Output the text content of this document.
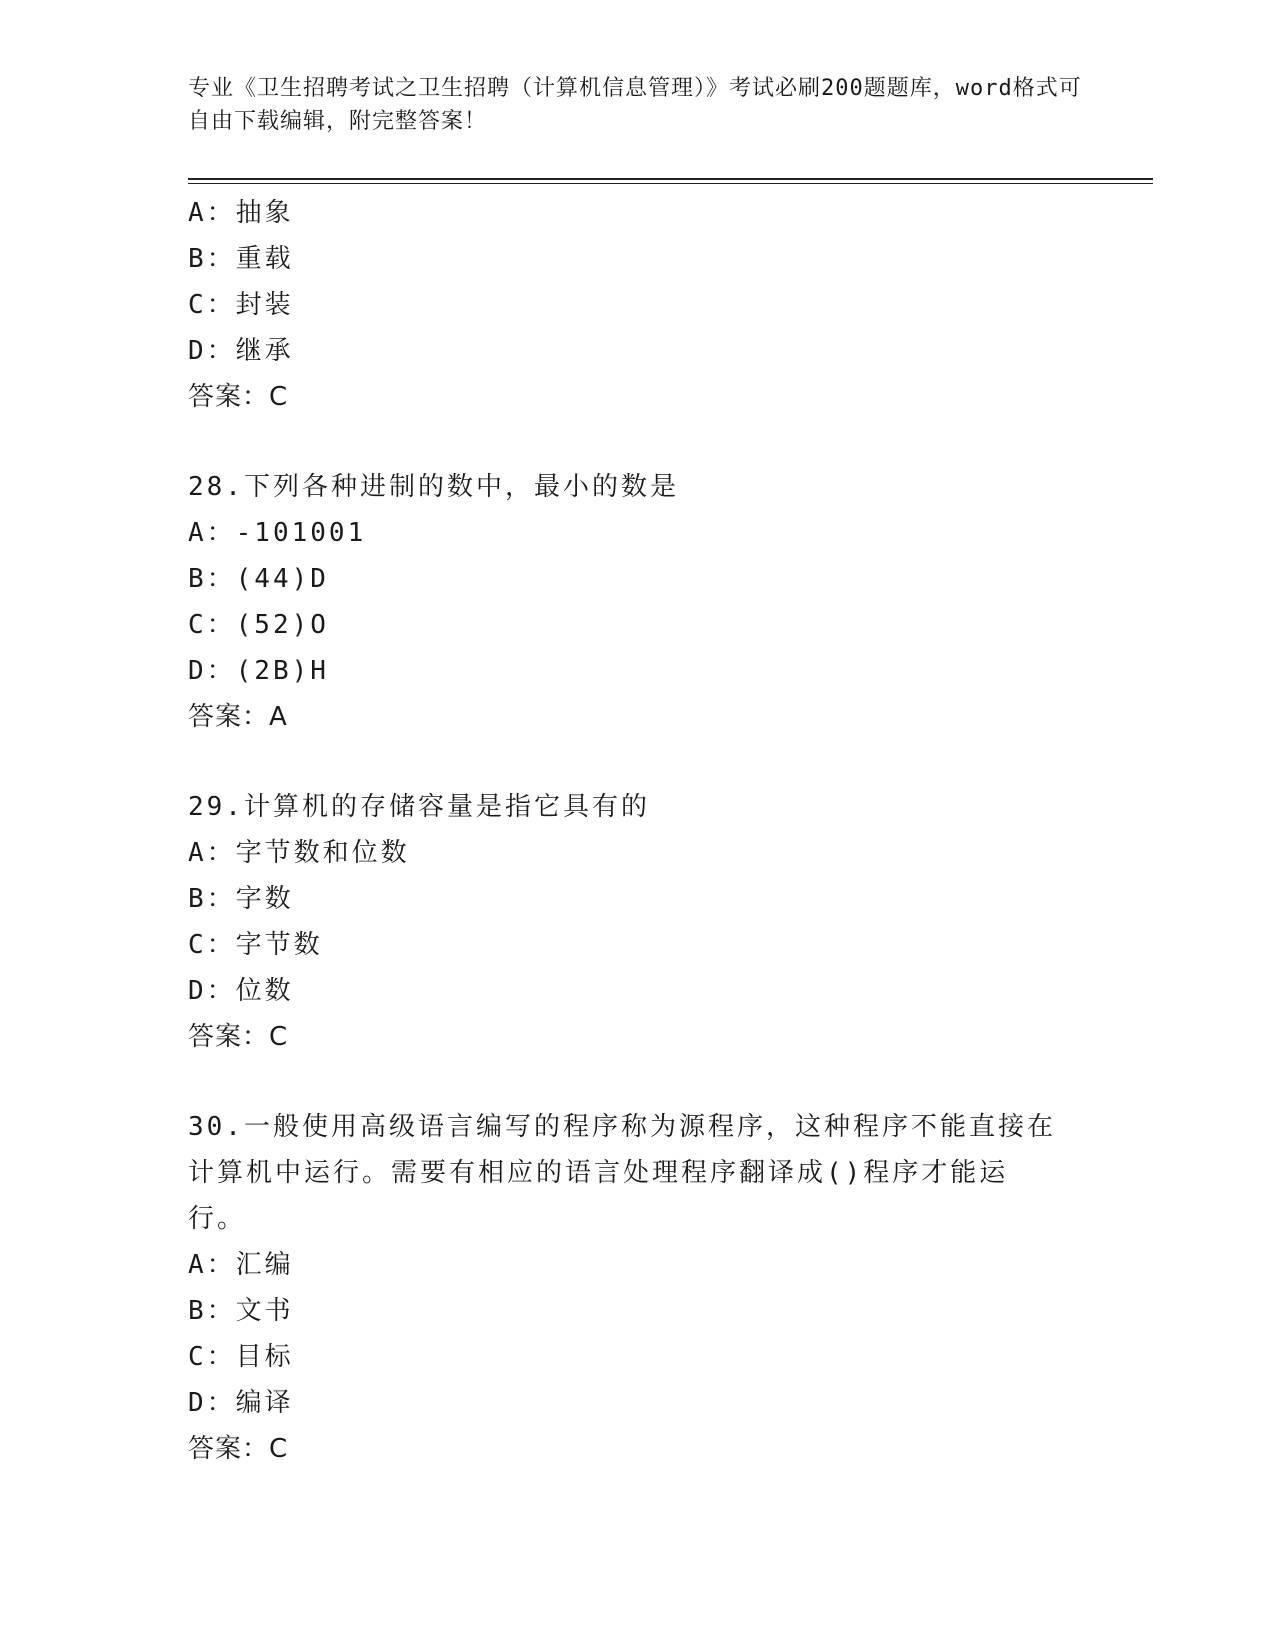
专业《卫生招聘考试之卫生招聘（计算机信息管理）》考试必刷200题题库，word格式可自由下载编辑，附完整答案！
A：抽象
B：重载
C：封装
D：继承
答案：C
28.下列各种进制的数中，最小的数是
A：-101001
B：(44)D
C：(52)O
D：(2B)H
答案：A
29.计算机的存储容量是指它具有的
A：字节数和位数
B：字数
C：字节数
D：位数
答案：C
30.一般使用高级语言编写的程序称为源程序，这种程序不能直接在计算机中运行。需要有相应的语言处理程序翻译成()程序才能运行。
A：汇编
B：文书
C：目标
D：编译
答案：C
